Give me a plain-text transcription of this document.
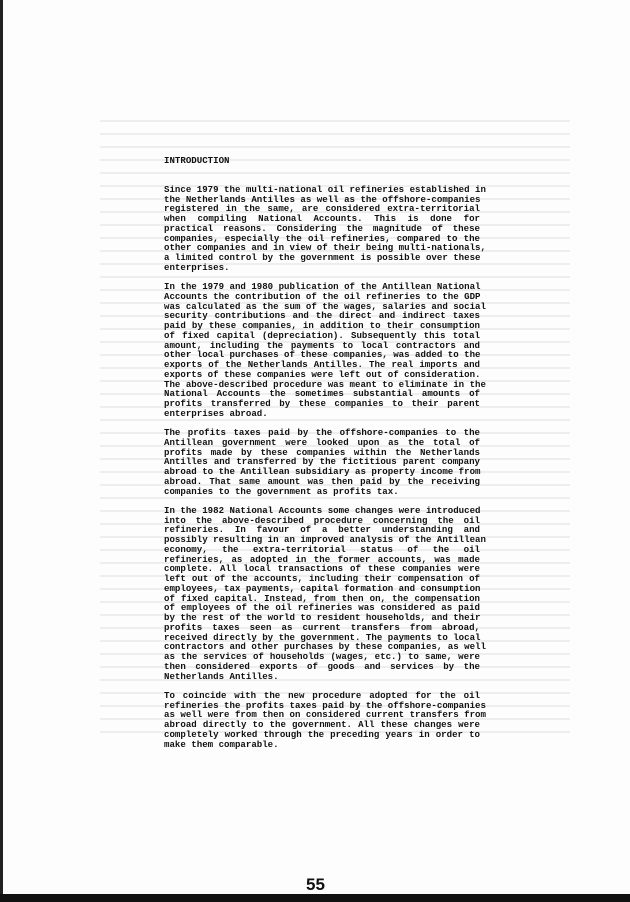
INTRODUCTION
Since 1979 the multi-national oil refineries established in
the Netherlands Antilles as well as the offshore-companies
registered in the same, are considered extra-territorial
when compiling National Accounts. This is done for
practical reasons. Considering the magnitude of these
companies, especially the oil refineries, compared to the
other companies and in view of their being multi-nationals,
a limited control by the government is possible over these
enterprises.
In the 1979 and 1980 publication of the Antillean National
Accounts the contribution of the oil refineries to the GDP
was calculated as the sum of the wages, salaries and social
security contributions and the direct and indirect taxes
paid by these companies, in addition to their consumption
of fixed capital (depreciation). Subsequently this total
amount, including the payments to local contractors and
other local purchases of these companies, was added to the
exports of the Netherlands Antilles. The real imports and
exports of these companies were left out of consideration.
The above-described procedure was meant to eliminate in the
National Accounts the sometimes substantial amounts of
profits transferred by these companies to their parent
enterprises abroad.
The profits taxes paid by the offshore-companies to the
Antillean government were looked upon as the total of
profits made by these companies within the Netherlands
Antilles and transferred by the fictitious parent company
abroad to the Antillean subsidiary as property income from
abroad. That same amount was then paid by the receiving
companies to the government as profits tax.
In the 1982 National Accounts some changes were introduced
into the above-described procedure concerning the oil
refineries. In favour of a better understanding and
possibly resulting in an improved analysis of the Antillean
economy, the extra-territorial status of the oil
refineries, as adopted in the former accounts, was made
complete. All local transactions of these companies were
left out of the accounts, including their compensation of
employees, tax payments, capital formation and consumption
of fixed capital. Instead, from then on, the compensation
of employees of the oil refineries was considered as paid
by the rest of the world to resident households, and their
profits taxes seen as current transfers from abroad,
received directly by the government. The payments to local
contractors and other purchases by these companies, as well
as the services of households (wages, etc.) to same, were
then considered exports of goods and services by the
Netherlands Antilles.
To coincide with the new procedure adopted for the oil
refineries the profits taxes paid by the offshore-companies
as well were from then on considered current transfers from
abroad directly to the government. All these changes were
completely worked through the preceding years in order to
make them comparable.
55
